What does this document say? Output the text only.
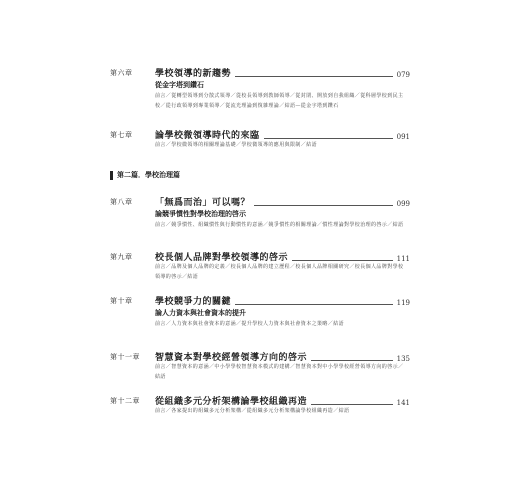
第六章	學校領導的新趨勢	079
從金字塔到鑽石
前言／從轉型領導到分散式領導／從校長領導到教師領導／從封閉、開放到自我組織／從科層學校到民主校／從行政領導到專業領導／從流光理論到復雜理論／結語—從金字塔到鑽石
第七章	論學校微領導時代的來臨	091
前言／學校微領導的相關理論基礎／學校微領導的應用與限制／結語
第二篇．學校治理篇
第八章	「無爲而治」可以嗎？	099
論競爭慣性對學校治理的啓示
前言／競爭慣性、組織慣性與行動慣性的意涵／競爭慣性的相關理論／慣性理論對學校治理的啓示／結語
第九章	校長個人品牌對學校領導的啓示	111
前言／品牌及個人品牌的定義／校長個人品牌的建立歷程／校長個人品牌相關研究／校長個人品牌對學校領導的啓示／結語
第十章	學校競爭力的關鍵	119
論人力資本與社會資本的提升
前言／人力資本與社會資本的意涵／提升學校人力資本與社會資本之策略／結語
第十一章 智慧資本對學校經營領導方向的啓示	135
前言／智慧資本的意涵／中小學學校智慧資本模式的建構／智慧資本對中小學學校經營領導方向的啓示／結語
第十二章 從組織多元分析架構論學校組織再造	141
前言／各家提出的組織多元分析架構／從組織多元分析架構論學校組織再造／結語
